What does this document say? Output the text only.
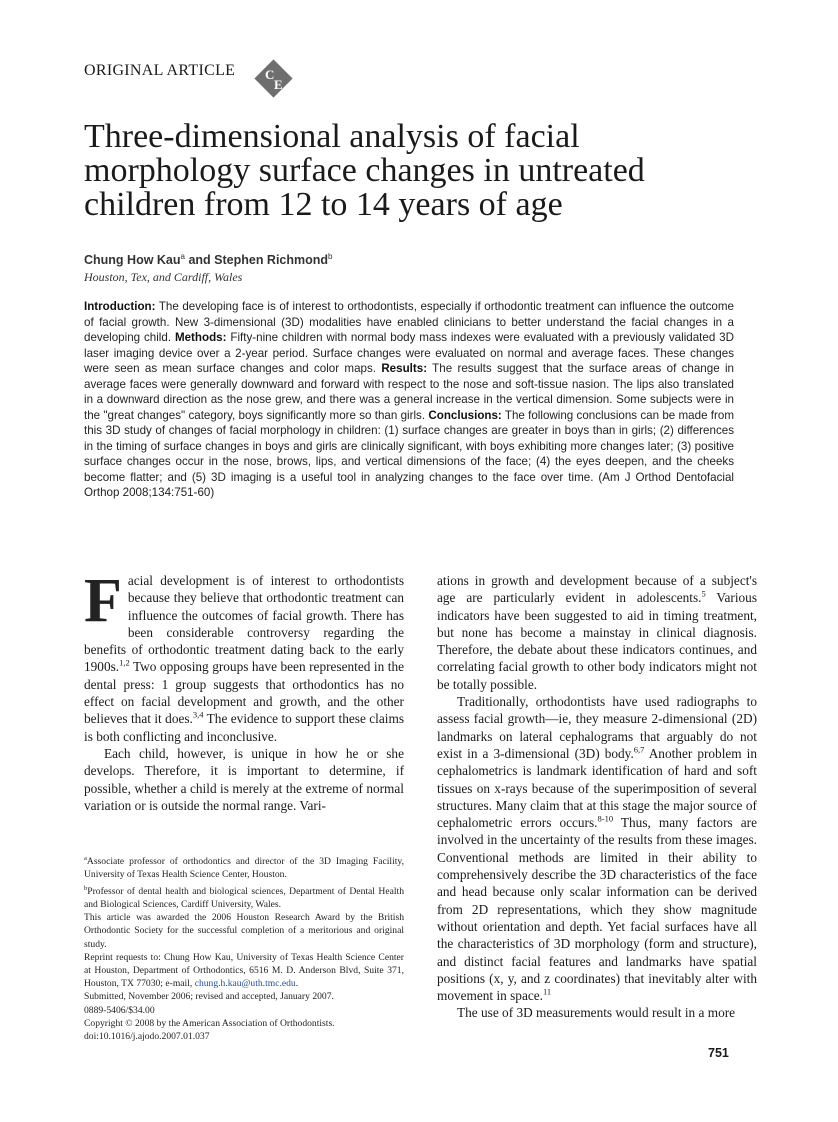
ORIGINAL ARTICLE C
E
Three-dimensional analysis of facial morphology surface changes in untreated children from 12 to 14 years of age
Chung How Kau$^a$ and Stephen Richmond$^b$
Houston, Tex, and Cardiff, Wales

Introduction: The developing face is of interest to orthodontists, especially if orthodontic treatment can influence the outcome of facial growth. New 3-dimensional (3D) modalities have enabled clinicians to better understand the facial changes in a developing child. Methods: Fifty-nine children with normal body mass indexes were evaluated with a previously validated 3D laser imaging device over a 2-year period. Surface changes were evaluated on normal and average faces. These changes were seen as mean surface changes and color maps. Results: The results suggest that the surface areas of change in average faces were generally downward and forward with respect to the nose and soft-tissue nasion. The lips also translated in a downward direction as the nose grew, and there was a general increase in the vertical dimension. Some subjects were in the "great changes" category, boys significantly more so than girls. Conclusions: The following conclusions can be made from this 3D study of changes of facial morphology in children: (1) surface changes are greater in boys than in girls; (2) differences in the timing of surface changes in boys and girls are clinically significant, with boys exhibiting more changes later; (3) positive surface changes occur in the nose, brows, lips, and vertical dimensions of the face; (4) the eyes deepen, and the cheeks become flatter; and (5) 3D imaging is a useful tool in analyzing changes to the face over time. (Am J Orthod Dentofacial Orthop 2008;134:751-60)

Facial development is of interest to orthodontists because they believe that orthodontic treatment can influence the outcomes of facial growth. There has been considerable controversy regarding the benefits of orthodontic treatment dating back to the early 1900s.$^{1,2}$ Two opposing groups have been represented in the dental press: 1 group suggests that orthodontics has no effect on facial development and growth, and the other believes that it does.$^{3,4}$ The evidence to support these claims is both conflicting and inconclusive.

Each child, however, is unique in how he or she develops. Therefore, it is important to determine, if possible, whether a child is merely at the extreme of normal variation or is outside the normal range. Vari-

$^a$Associate professor of orthodontics and director of the 3D Imaging Facility, University of Texas Health Science Center, Houston.

$^b$Professor of dental health and biological sciences, Department of Dental Health and Biological Sciences, Cardiff University, Wales.

This article was awarded the 2006 Houston Research Award by the British Orthodontic Society for the successful completion of a meritorious and original study.

Reprint requests to: Chung How Kau, University of Texas Health Science Center at Houston, Department of Orthodontics, 6516 M. D. Anderson Blvd, Suite 371, Houston, TX 77030; e-mail, chung.h.kau@uth.tmc.edu.

Submitted, November 2006; revised and accepted, January 2007.

0889-5406/$34.00

Copyright © 2008 by the American Association of Orthodontists.

doi:10.1016/j.ajodo.2007.01.037

ations in growth and development because of a subject's age are particularly evident in adolescents.$^5$ Various indicators have been suggested to aid in timing treatment, but none has become a mainstay in clinical diagnosis. Therefore, the debate about these indicators continues, and correlating facial growth to other body indicators might not be totally possible.

Traditionally, orthodontists have used radiographs to assess facial growth—ie, they measure 2-dimensional (2D) landmarks on lateral cephalograms that arguably do not exist in a 3-dimensional (3D) body.$^{6,7}$ Another problem in cephalometrics is landmark identification of hard and soft tissues on x-rays because of the superimposition of several structures. Many claim that at this stage the major source of cephalometric errors occurs.$^{8-10}$ Thus, many factors are involved in the uncertainty of the results from these images. Conventional methods are limited in their ability to comprehensively describe the 3D characteristics of the face and head because only scalar information can be derived from 2D representations, which they show magnitude without orientation and depth. Yet facial surfaces have all the characteristics of 3D morphology (form and structure), and distinct facial features and landmarks have spatial positions (x, y, and z coordinates) that inevitably alter with movement in space.$^{11}$

The use of 3D measurements would result in a more

751
